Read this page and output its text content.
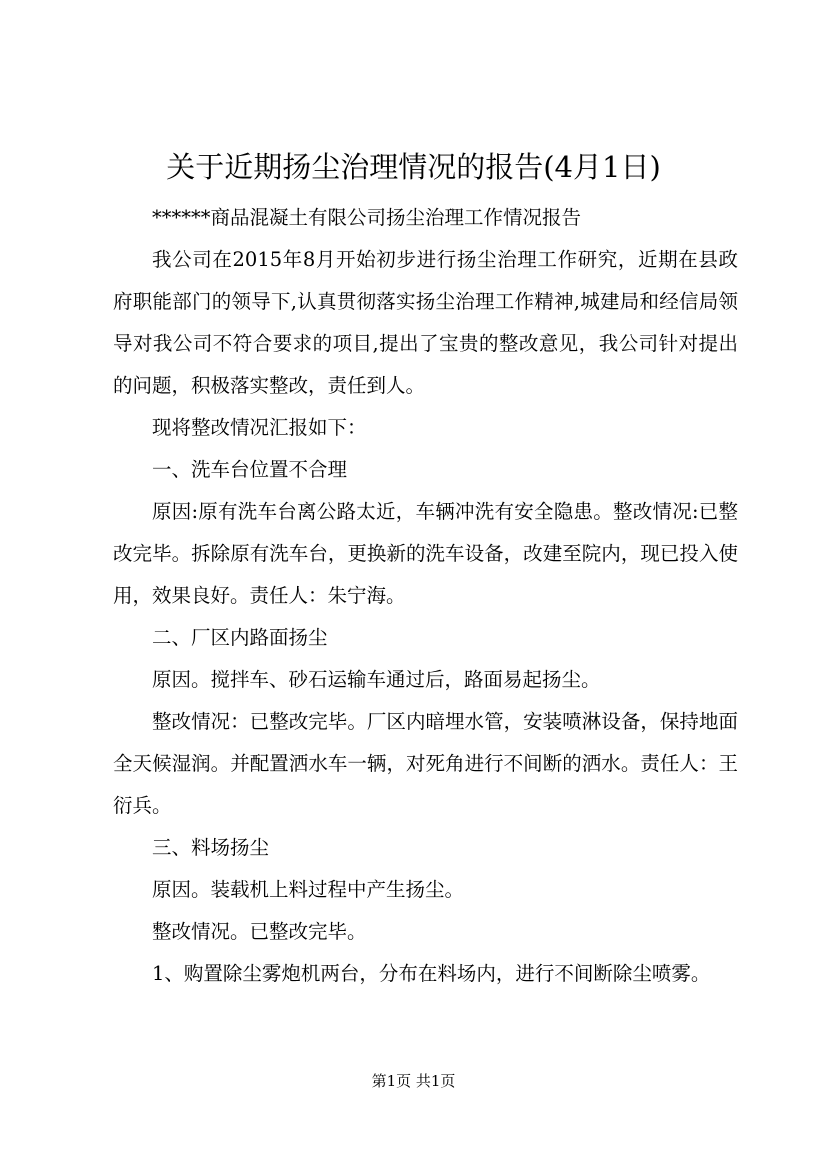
关于近期扬尘治理情况的报告(4月1日)

******商品混凝土有限公司扬尘治理工作情况报告

我公司在2015年8月开始初步进行扬尘治理工作研究，近期在县政府职能部门的领导下,认真贯彻落实扬尘治理工作精神,城建局和经信局领导对我公司不符合要求的项目,提出了宝贵的整改意见，我公司针对提出的问题，积极落实整改，责任到人。

现将整改情况汇报如下：

一、洗车台位置不合理

原因:原有洗车台离公路太近，车辆冲洗有安全隐患。整改情况:已整改完毕。拆除原有洗车台，更换新的洗车设备，改建至院内，现已投入使用，效果良好。责任人：朱宁海。

二、厂区内路面扬尘

原因。搅拌车、砂石运输车通过后，路面易起扬尘。

整改情况：已整改完毕。厂区内暗埋水管，安装喷淋设备，保持地面全天候湿润。并配置洒水车一辆，对死角进行不间断的洒水。责任人：王衍兵。

三、料场扬尘

原因。装载机上料过程中产生扬尘。

整改情况。已整改完毕。

1、购置除尘雾炮机两台，分布在料场内，进行不间断除尘喷雾。

第1页 共1页
